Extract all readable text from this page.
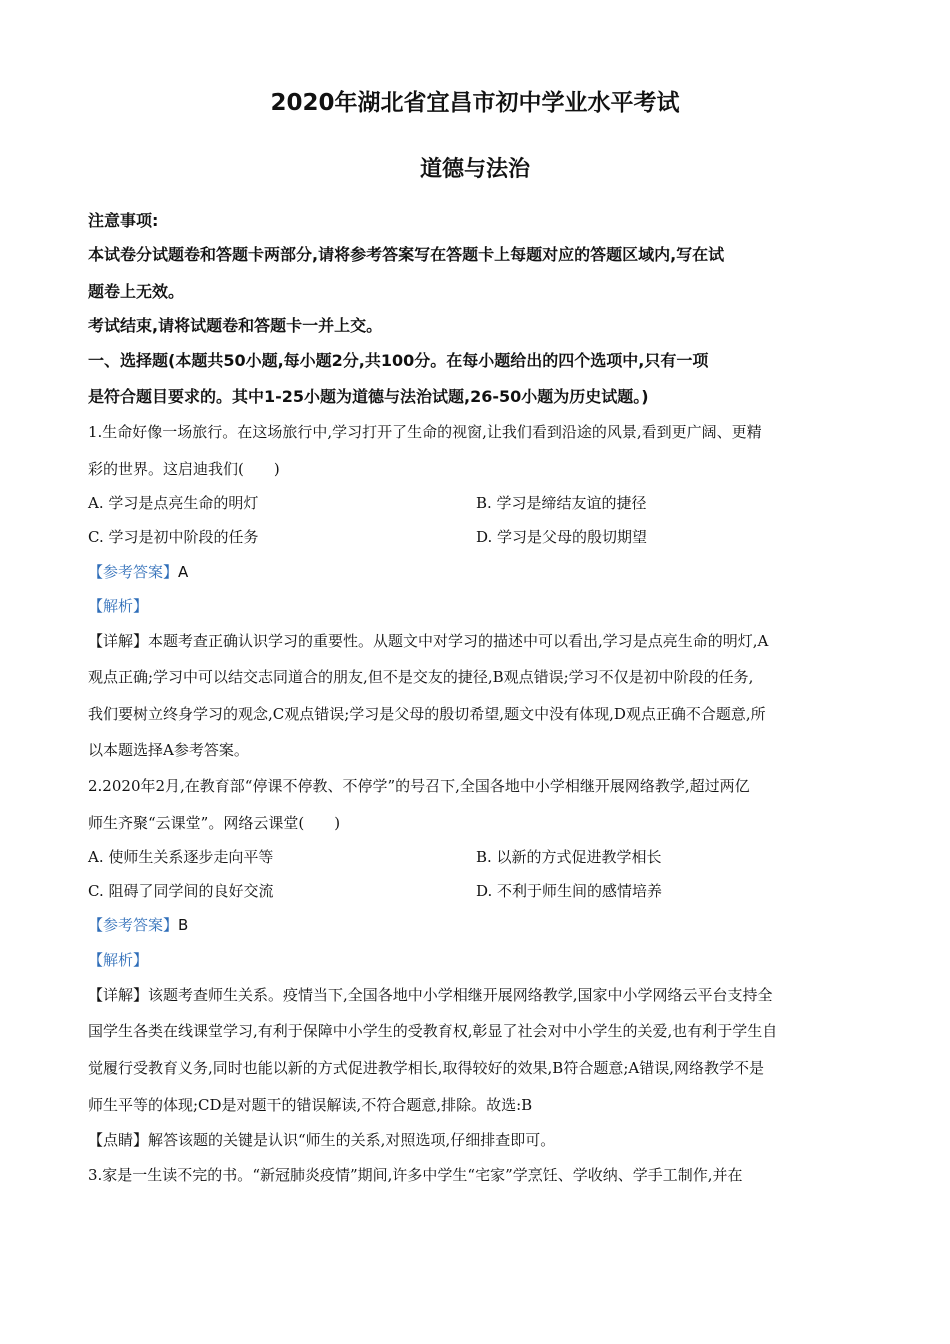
2020年湖北省宜昌市初中学业水平考试
道德与法治
注意事项:
本试卷分试题卷和答题卡两部分,请将参考答案写在答题卡上每题对应的答题区域内,写在试
题卷上无效。
考试结束,请将试题卷和答题卡一并上交。
一、选择题(本题共50小题,每小题2分,共100分。在每小题给出的四个选项中,只有一项
是符合题目要求的。其中1-25小题为道德与法治试题,26-50小题为历史试题。)
1.生命好像一场旅行。在这场旅行中,学习打开了生命的视窗,让我们看到沿途的风景,看到更广阔、更精
彩的世界。这启迪我们(　　)
A. 学习是点亮生命的明灯	B. 学习是缔结友谊的捷径
C. 学习是初中阶段的任务	D. 学习是父母的殷切期望
【参考答案】A
【解析】
【详解】本题考查正确认识学习的重要性。从题文中对学习的描述中可以看出,学习是点亮生命的明灯,A
观点正确;学习中可以结交志同道合的朋友,但不是交友的捷径,B观点错误;学习不仅是初中阶段的任务,
我们要树立终身学习的观念,C观点错误;学习是父母的殷切希望,题文中没有体现,D观点正确不合题意,所
以本题选择A参考答案。
2.2020年2月,在教育部“停课不停教、不停学”的号召下,全国各地中小学相继开展网络教学,超过两亿
师生齐聚“云课堂”。网络云课堂(　　)
A. 使师生关系逐步走向平等	B. 以新的方式促进教学相长
C. 阻碍了同学间的良好交流	D. 不利于师生间的感情培养
【参考答案】B
【解析】
【详解】该题考查师生关系。疫情当下,全国各地中小学相继开展网络教学,国家中小学网络云平台支持全
国学生各类在线课堂学习,有利于保障中小学生的受教育权,彰显了社会对中小学生的关爱,也有利于学生自
觉履行受教育义务,同时也能以新的方式促进教学相长,取得较好的效果,B符合题意;A错误,网络教学不是
师生平等的体现;CD是对题干的错误解读,不符合题意,排除。故选:B
【点睛】解答该题的关键是认识“师生的关系,对照选项,仔细排查即可。
3.家是一生读不完的书。“新冠肺炎疫情”期间,许多中学生“宅家”学烹饪、学收纳、学手工制作,并在
